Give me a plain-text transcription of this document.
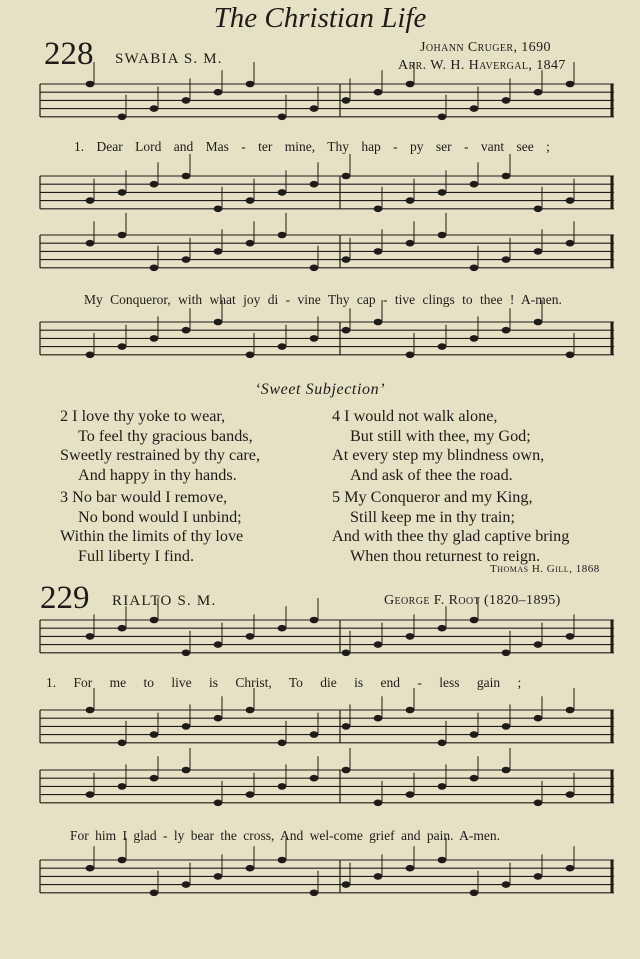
The Christian Life
228 SWABIA S. M.
Johann Cruger, 1690
Arr. W. H. Havergal, 1847
1. Dear Lord and Mas - ter mine, Thy hap - py ser - vant see ;
My Conqueror, with what joy di - vine Thy cap - tive clings to thee ! A-men.
‘Sweet Subjection’
2 I love thy yoke to wear,
To feel thy gracious bands,
Sweetly restrained by thy care,
And happy in thy hands.
3 No bar would I remove,
No bond would I unbind;
Within the limits of thy love
Full liberty I find.
4 I would not walk alone,
But still with thee, my God;
At every step my blindness own,
And ask of thee the road.
5 My Conqueror and my King,
Still keep me in thy train;
And with thee thy glad captive bring
When thou returnest to reign.
Thomas H. Gill, 1868
229 RIALTO S. M.	George F. Root (1820–1895)
1. For me to live is Christ, To die is end - less gain ;
For him I glad - ly bear the cross, And wel-come grief and pain. A-men.
